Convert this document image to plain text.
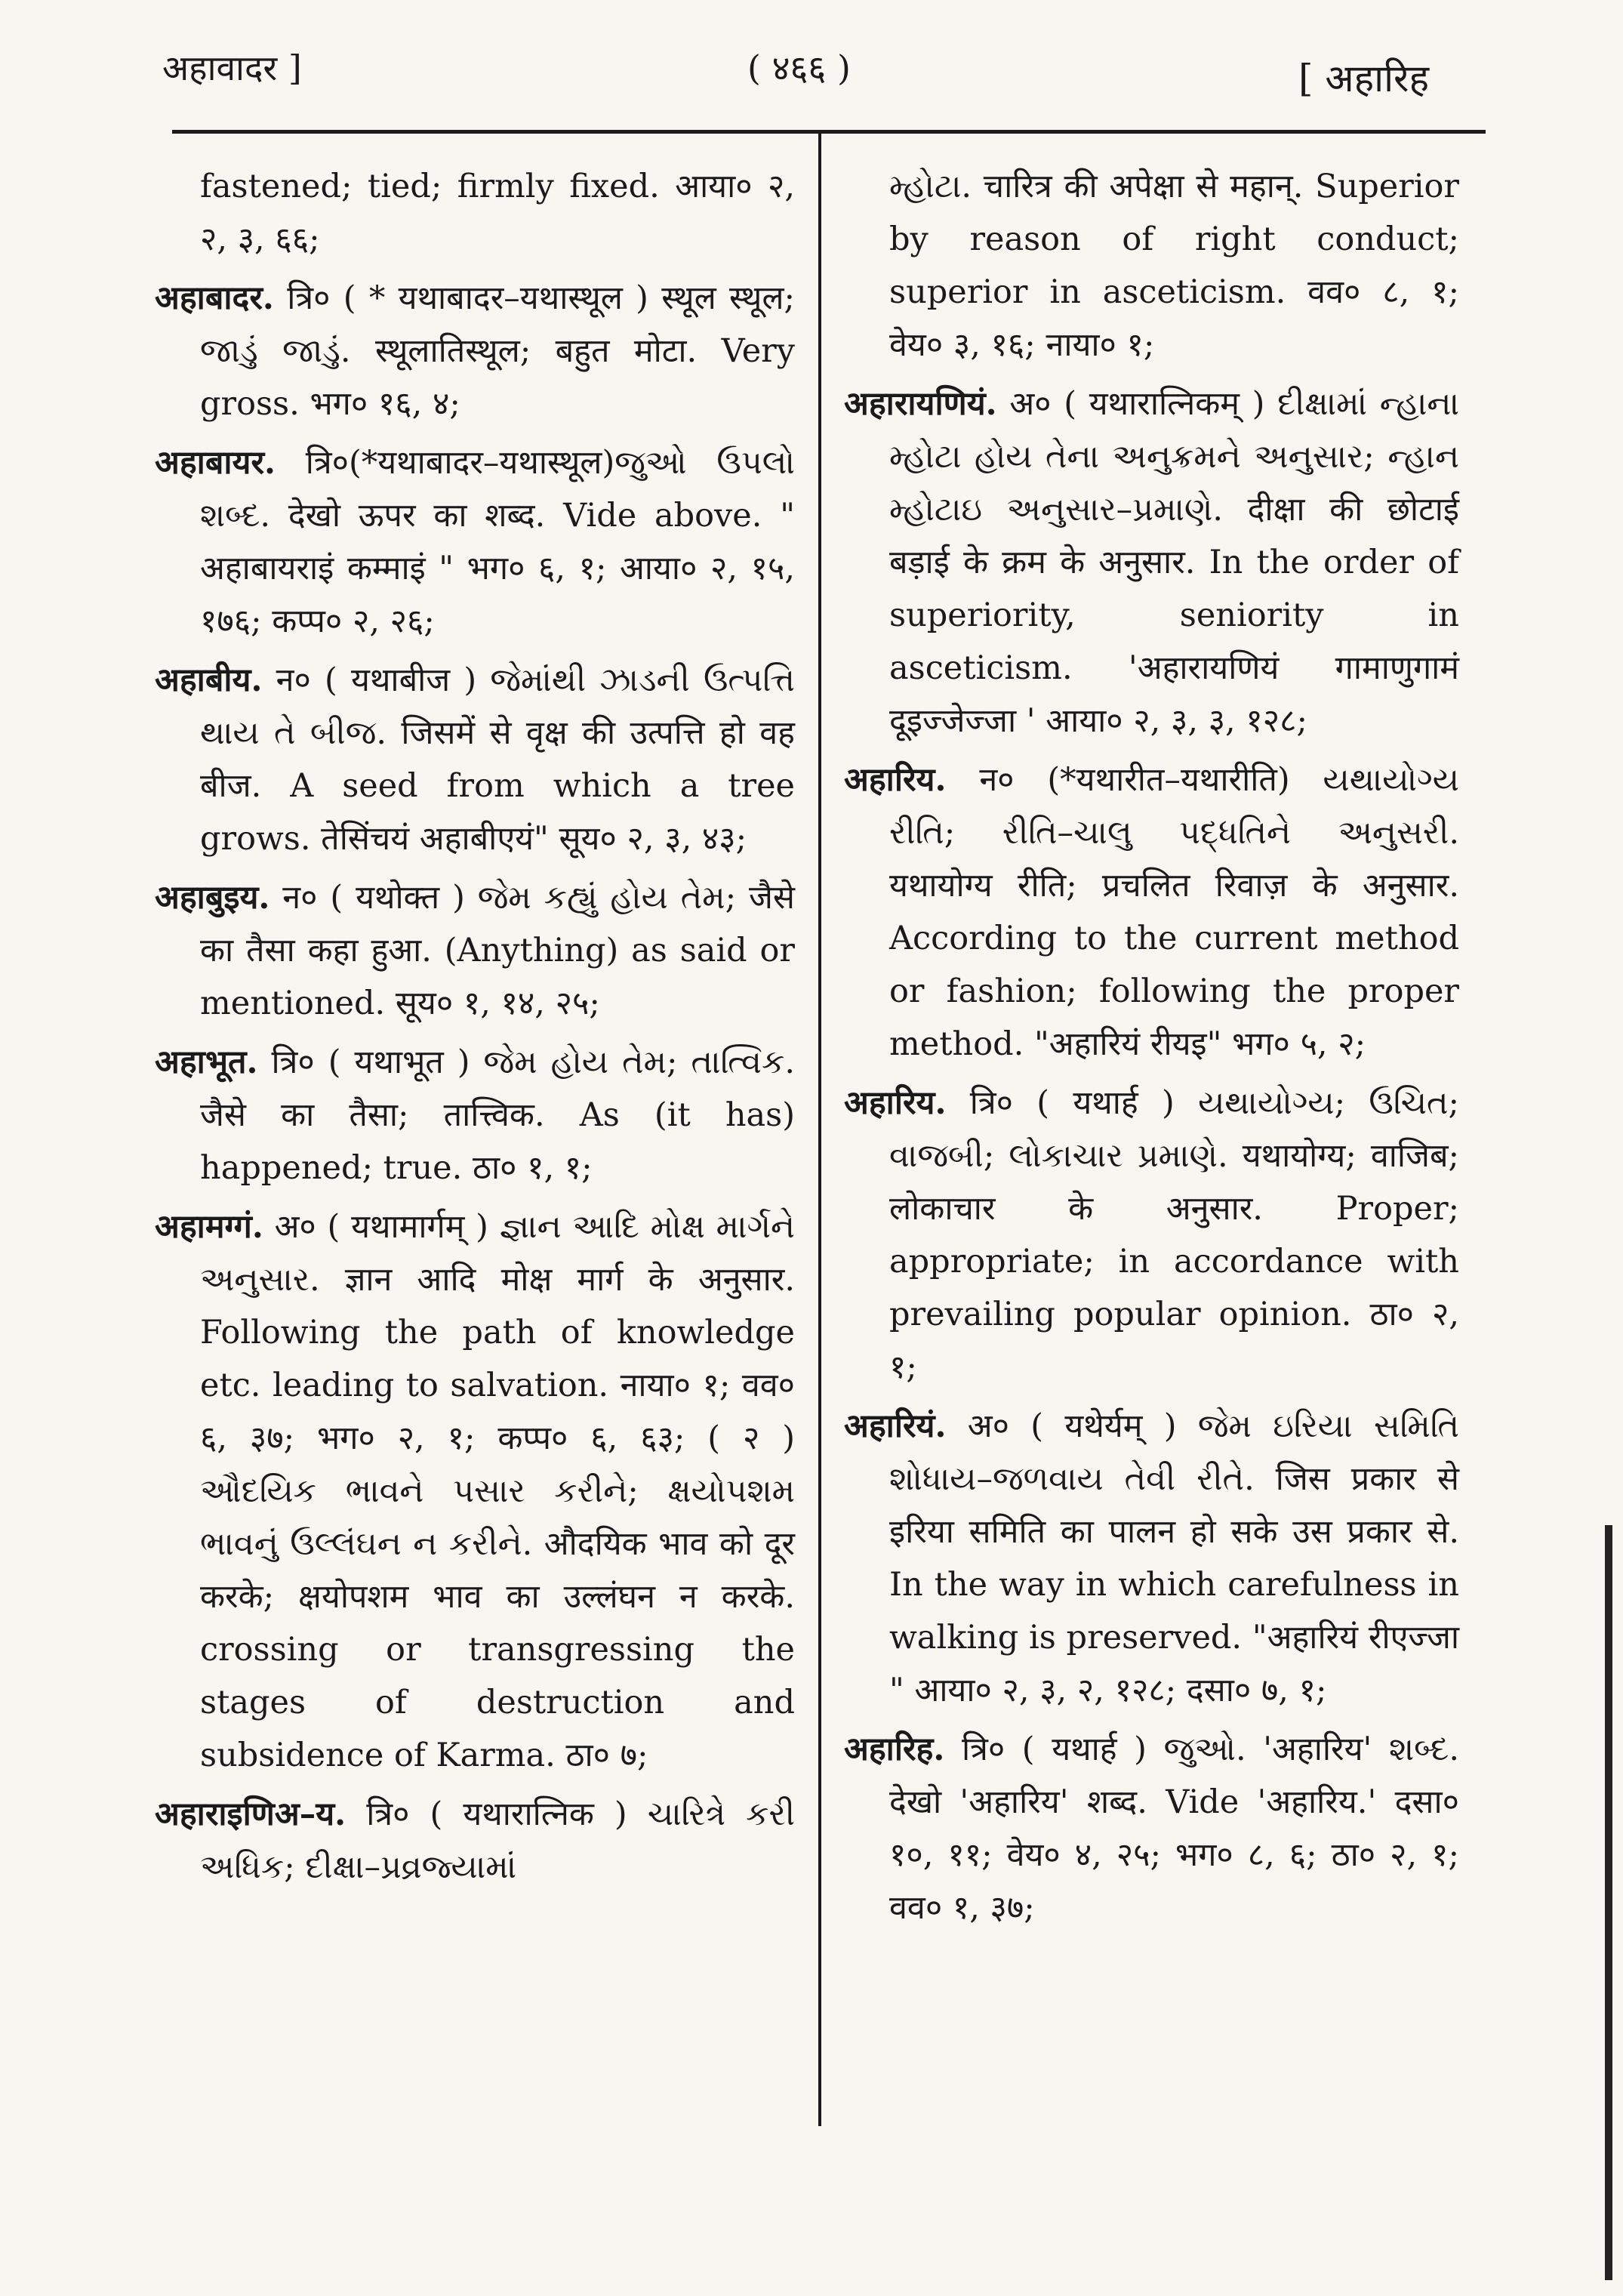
अहावादर ]	( ४६६ )	[ अहारिह

fastened; tied; firmly fixed. आया० २, २, ३, ६६;

अहाबादर. त्रि० ( * यथाबादर–यथास्थूल ) स्थूल स्थूल; જાડું જાડું. स्थूलातिस्थूल; बहुत मोटा. Very gross. भग० १६, ४;

अहाबायर. त्रि०(*यथाबादर–यथास्थूल)જુઓ ઉપલો શબ્દ. देखो ऊपर का शब्द. Vide above. " अहाबायराइं कम्माइं " भग० ६, १; आया० २, १५, १७६; कप्प० २, २६;

अहाबीय. न० ( यथाबीज ) જેમાંથી ઝાડની ઉત્પત્તિ થાય તે બીજ. जिसमें से वृक्ष की उत्पत्ति हो वह बीज. A seed from which a tree grows. तेसिंचयं अहाबीएयं" सूय० २, ३, ४३;

अहाबुइय. न० ( यथोक्त ) જેમ કહ્યું હોય તેમ; जैसे का तैसा कहा हुआ. (Anything) as said or mentioned. सूय० १, १४, २५;

अहाभूत. त्रि० ( यथाभूत ) જેમ હોય તેમ; તાત્વિક. जैसे का तैसा; तात्त्विक. As (it has) happened; true. ठा० १, १;

अहामग्गं. अ० ( यथामार्गम् ) જ્ઞાન આદિ મોક્ષ માર્ગને અનુસાર. ज्ञान आदि मोक्ष मार्ग के अनुसार. Following the path of knowledge etc. leading to salvation. नाया० १; वव० ६, ३७; भग० २, १; कप्प० ६, ६३; ( २ ) ઔદયિક ભાવને પસાર કરીને; ક્ષયોપશમ ભાવનું ઉલ્લંઘન ન કરીને. औदयिक भाव को दूर करके; क्षयोपशम भाव का उल्लंघन न करके. crossing or transgressing the stages of destruction and subsidence of Karma. ठा० ७;

अहाराइणिअ–य. त्रि० ( यथारात्निक ) ચારિત્રે કરી અધિક; દીક્ષા–પ્રવ્રજ્યામાં

મ્હોટા. चारित्र की अपेक्षा से महान्. Superior by reason of right conduct; superior in asceticism. वव० ८, १; वेय० ३, १६; नाया० १;

अहारायणियं. अ० ( यथारात्निकम् ) દીક્ષામાં ન્હાના મ્હોટા હોય તેના અનુક્રમને અનુસાર; ન્હાન મ્હોટાઇ અનુસાર–પ્રમાણે. दीक्षा की छोटाई बड़ाई के क्रम के अनुसार. In the order of superiority, seniority in asceticism. 'अहारायणियं गामाणुगामं दूइज्जेज्जा ' आया० २, ३, ३, १२८;

अहारिय. न० (*यथारीत–यथारीति) યથાયોગ્ય રીતિ; રીતિ–ચાલુ પદ્ધતિને અનુસરી. यथायोग्य रीति; प्रचलित रिवाज़ के अनुसार. According to the current method or fashion; following the proper method. "अहारियं रीयइ" भग० ५, २;

अहारिय. त्रि० ( यथार्ह ) યથાયોગ્ય; ઉચિત; વાજબી; લોકાચાર પ્રમાણે. यथायोग्य; वाजिब; लोकाचार के अनुसार. Proper; appropriate; in accordance with prevailing popular opinion. ठा० २, १;

अहारियं. अ० ( यथेर्यम् ) જેમ ઇરિયા સમિતિ શોધાય–જળવાય તેવી રીતે. जिस प्रकार से इरिया समिति का पालन हो सके उस प्रकार से. In the way in which carefulness in walking is preserved. "अहारियं रीएज्जा " आया० २, ३, २, १२८; दसा० ७, १;

अहारिह. त्रि० ( यथार्ह ) જુઓ. 'अहारिय' શબ્દ. देखो 'अहारिय' शब्द. Vide 'अहारिय.' दसा० १०, ११; वेय० ४, २५; भग० ८, ६; ठा० २, १; वव० १, ३७;
